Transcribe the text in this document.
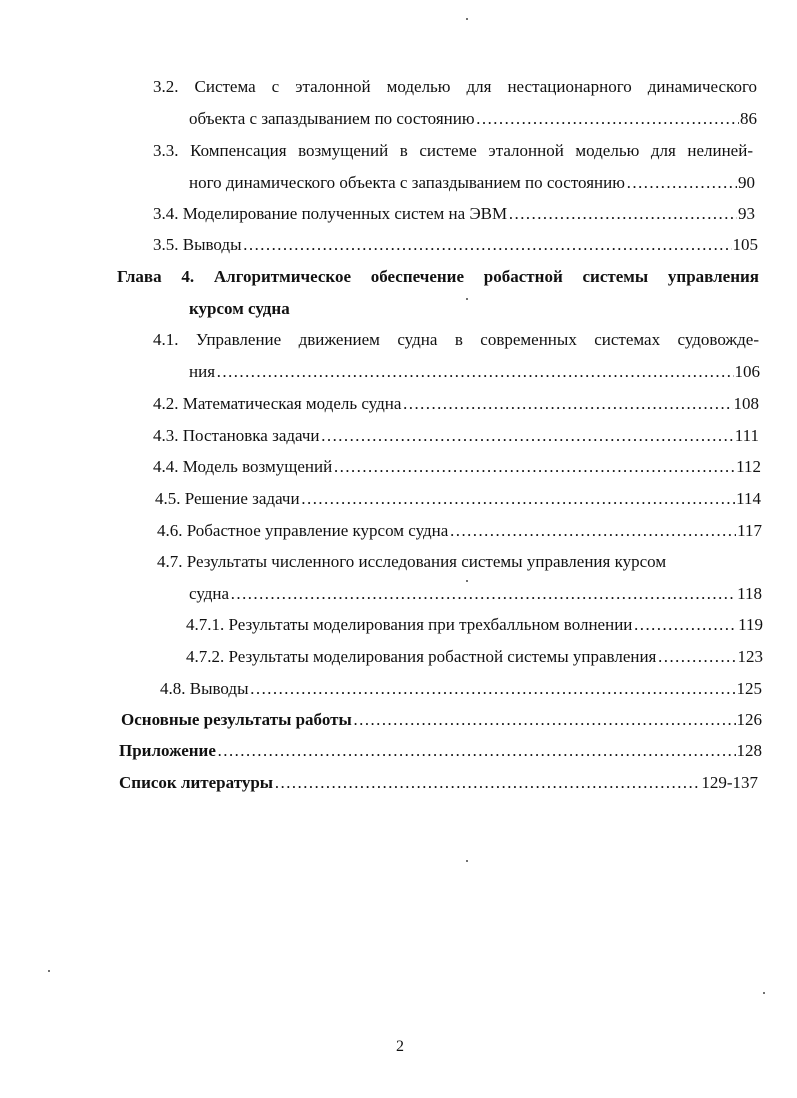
3.2. Система с эталонной моделью для нестационарного динамического
объекта с запаздыванием по состоянию ……………………………………………………………………………………………………………………………………………………………………	86
3.3. Компенсация возмущений в системе эталонной моделью для нелиней-
ного динамического объекта с запаздыванием по состоянию ……………………………………………………………………………………………………………………………………………………………………	90
3.4. Моделирование полученных систем на ЭВМ ……………………………………………………………………………………………………………………………………………………………………	93
3.5. Выводы ……………………………………………………………………………………………………………………………………………………………………	105
Глава 4. Алгоритмическое обеспечение робастной системы управления
курсом судна
4.1. Управление движением судна в современных системах судовожде-
ния ……………………………………………………………………………………………………………………………………………………………………	106
4.2. Математическая модель судна ……………………………………………………………………………………………………………………………………………………………………	108
4.3. Постановка задачи ……………………………………………………………………………………………………………………………………………………………………	111
4.4. Модель возмущений ……………………………………………………………………………………………………………………………………………………………………	112
4.5. Решение задачи ……………………………………………………………………………………………………………………………………………………………………	114
4.6. Робастное управление курсом судна ……………………………………………………………………………………………………………………………………………………………………	117
4.7. Результаты численного исследования системы управления курсом
судна ……………………………………………………………………………………………………………………………………………………………………	118
4.7.1. Результаты моделирования при трехбалльном волнении ……………………………………………………………………………………………………………………………………………………………………	119
4.7.2. Результаты моделирования робастной системы управления ……………………………………………………………………………………………………………………………………………………………………	123
4.8. Выводы ……………………………………………………………………………………………………………………………………………………………………	125
Основные результаты работы ……………………………………………………………………………………………………………………………………………………………………	126
Приложение ……………………………………………………………………………………………………………………………………………………………………	128
Список литературы ……………………………………………………………………………………………………………………………………………………………………	129-137
2
